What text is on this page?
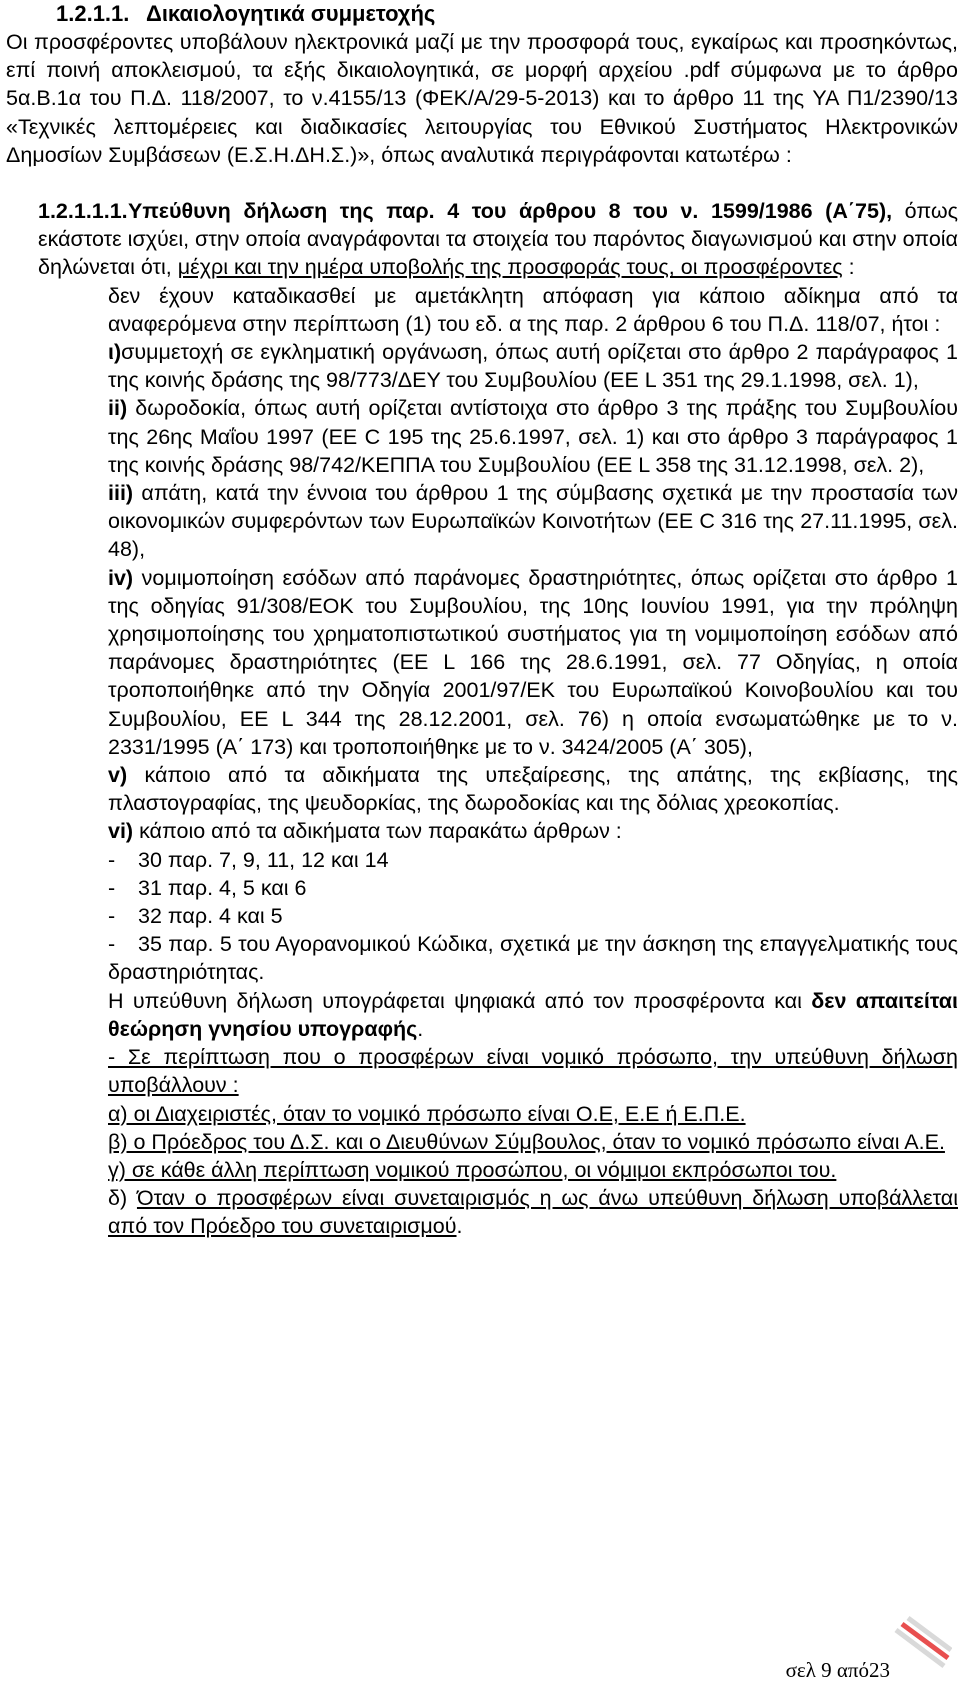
1.2.1.1. Δικαιολογητικά συμμετοχής
Οι προσφέροντες υποβάλουν ηλεκτρονικά μαζί με την προσφορά τους, εγκαίρως και προσηκόντως, επί ποινή αποκλεισμού, τα εξής δικαιολογητικά, σε μορφή αρχείου .pdf σύμφωνα με το άρθρο 5α.Β.1α του Π.Δ. 118/2007, το ν.4155/13 (ΦΕΚ/Α/29-5-2013) και το άρθρο 11 της ΥΑ Π1/2390/13 «Τεχνικές λεπτομέρειες και διαδικασίες λειτουργίας του Εθνικού Συστήματος Ηλεκτρονικών Δημοσίων Συμβάσεων (Ε.Σ.Η.ΔΗ.Σ.)», όπως αναλυτικά περιγράφονται κατωτέρω :
1.2.1.1.1.Υπεύθυνη δήλωση της παρ. 4 του άρθρου 8 του ν. 1599/1986 (Α΄75), όπως εκάστοτε ισχύει, στην οποία αναγράφονται τα στοιχεία του παρόντος διαγωνισμού και στην οποία δηλώνεται ότι, μέχρι και την ημέρα υποβολής της προσφοράς τους, οι προσφέροντες :

δεν έχουν καταδικασθεί με αμετάκλητη απόφαση για κάποιο αδίκημα από τα αναφερόμενα στην περίπτωση (1) του εδ. α της παρ. 2 άρθρου 6 του Π.Δ. 118/07, ήτοι :

ι)συμμετοχή σε εγκληματική οργάνωση, όπως αυτή ορίζεται στο άρθρο 2 παράγραφος 1 της κοινής δράσης της 98/773/ΔΕΥ του Συμβουλίου (ΕΕ L 351 της 29.1.1998, σελ. 1),

ii) δωροδοκία, όπως αυτή ορίζεται αντίστοιχα στο άρθρο 3 της πράξης του Συμβουλίου της 26ης Μαΐου 1997 (ΕΕ C 195 της 25.6.1997, σελ. 1) και στο άρθρο 3 παράγραφος 1 της κοινής δράσης 98/742/ΚΕΠΠΑ του Συμβουλίου (ΕΕ L 358 της 31.12.1998, σελ. 2),

iii) απάτη, κατά την έννοια του άρθρου 1 της σύμβασης σχετικά με την προστασία των οικονομικών συμφερόντων των Ευρωπαϊκών Κοινοτήτων (ΕΕ C 316 της 27.11.1995, σελ. 48),

iv) νομιμοποίηση εσόδων από παράνομες δραστηριότητες, όπως ορίζεται στο άρθρο 1 της οδηγίας 91/308/ΕΟΚ του Συμβουλίου, της 10ης Ιουνίου 1991, για την πρόληψη χρησιμοποίησης του χρηματοπιστωτικού συστήματος για τη νομιμοποίηση εσόδων από παράνομες δραστηριότητες (ΕΕ L 166 της 28.6.1991, σελ. 77 Οδηγίας, η οποία τροποποιήθηκε από την Οδηγία 2001/97/ΕΚ του Ευρωπαϊκού Κοινοβουλίου και του Συμβουλίου, ΕΕ L 344 της 28.12.2001, σελ. 76) η οποία ενσωματώθηκε με το ν. 2331/1995 (Α΄ 173) και τροποποιήθηκε με το ν. 3424/2005 (Α΄ 305),

v) κάποιο από τα αδικήματα της υπεξαίρεσης, της απάτης, της εκβίασης, της πλαστογραφίας, της ψευδορκίας, της δωροδοκίας και της δόλιας χρεοκοπίας.

vi) κάποιο από τα αδικήματα των παρακάτω άρθρων :

- 30 παρ. 7, 9, 11, 12 και 14

- 31 παρ. 4, 5 και 6

- 32 παρ. 4 και 5

- 35 παρ. 5 του Αγορανομικού Κώδικα, σχετικά με την άσκηση της επαγγελματικής τους δραστηριότητας.

Η υπεύθυνη δήλωση υπογράφεται ψηφιακά από τον προσφέροντα και δεν απαιτείται θεώρηση γνησίου υπογραφής.

- Σε περίπτωση που ο προσφέρων είναι νομικό πρόσωπο, την υπεύθυνη δήλωση υποβάλλουν :

α) οι Διαχειριστές, όταν το νομικό πρόσωπο είναι Ο.Ε, Ε.Ε ή Ε.Π.Ε.

β) ο Πρόεδρος του Δ.Σ. και ο Διευθύνων Σύμβουλος, όταν το νομικό πρόσωπο είναι Α.Ε.

γ) σε κάθε άλλη περίπτωση νομικού προσώπου, οι νόμιμοι εκπρόσωποι του.

δ) Όταν ο προσφέρων είναι συνεταιρισμός η ως άνω υπεύθυνη δήλωση υποβάλλεται από τον Πρόεδρο του συνεταιρισμού.

σελ 9 από23
